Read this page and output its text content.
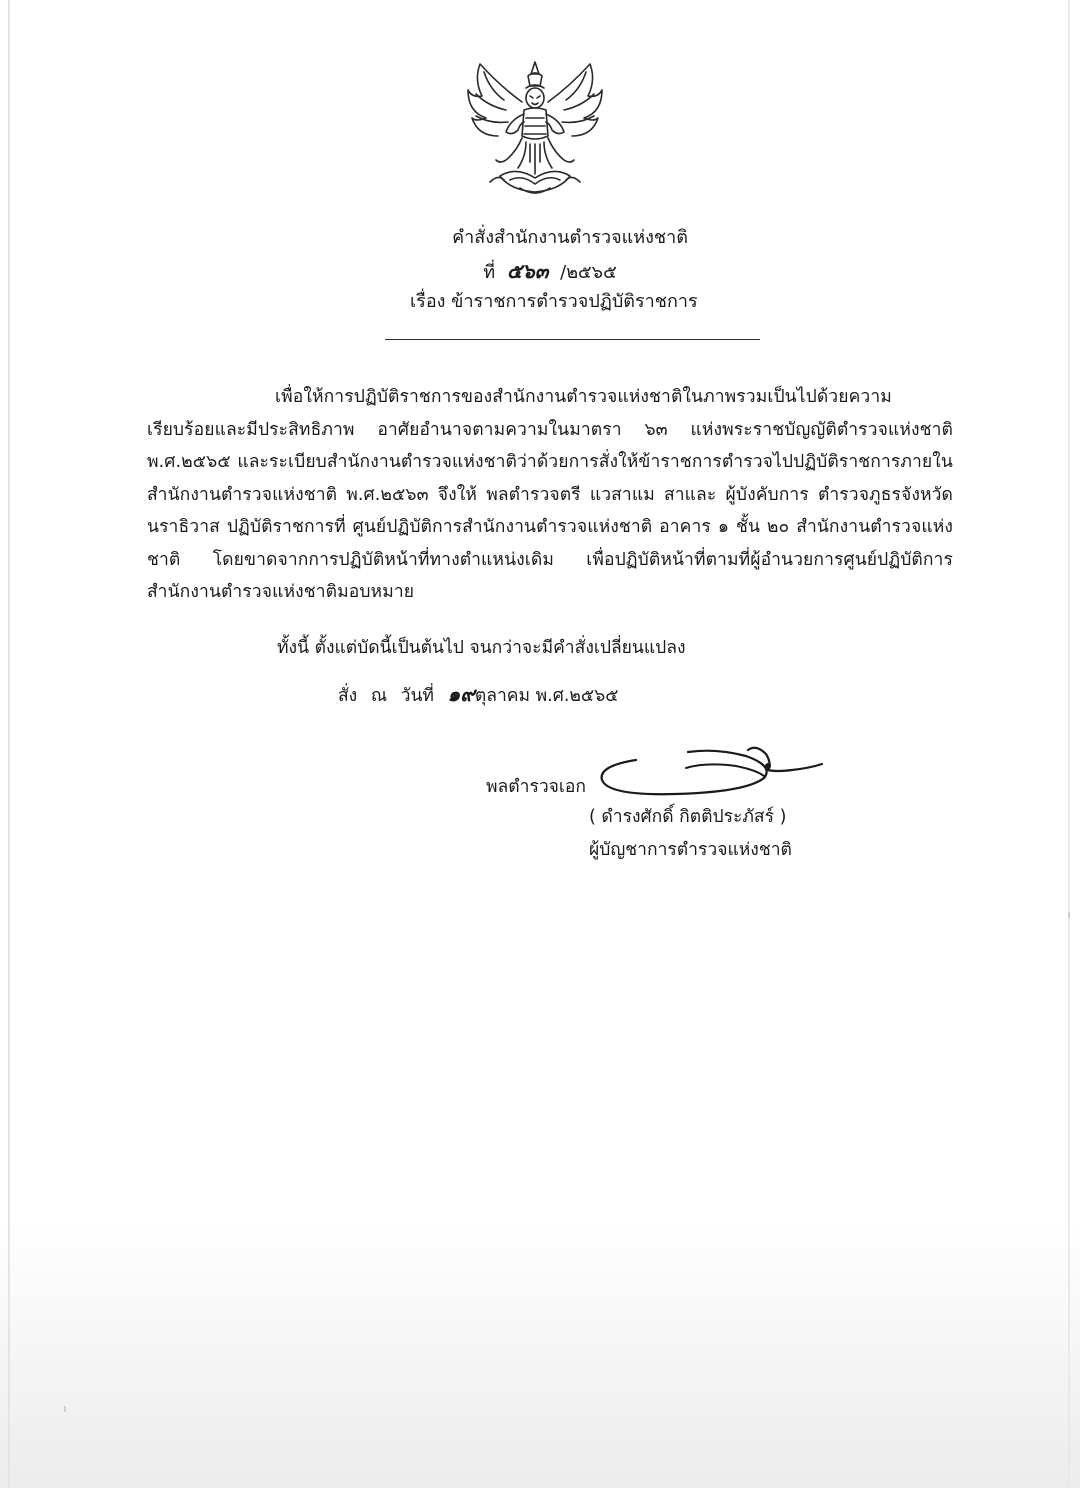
คำสั่งสำนักงานตำรวจแห่งชาติ
ที่ ๕๖๓ /๒๕๖๕
เรื่อง ข้าราชการตำรวจปฏิบัติราชการ
เพื่อให้การปฏิบัติราชการของสำนักงานตำรวจแห่งชาติในภาพรวมเป็นไปด้วยความเรียบร้อยและมีประสิทธิภาพ อาศัยอำนาจตามความในมาตรา ๖๓ แห่งพระราชบัญญัติตำรวจแห่งชาติ พ.ศ.๒๕๖๕ และระเบียบสำนักงานตำรวจแห่งชาติว่าด้วยการสั่งให้ข้าราชการตำรวจไปปฏิบัติราชการภายในสำนักงานตำรวจแห่งชาติ พ.ศ.๒๕๖๓ จึงให้ พลตำรวจตรี แวสาแม สาและ ผู้บังคับการ ตำรวจภูธรจังหวัดนราธิวาส ปฏิบัติราชการที่ ศูนย์ปฏิบัติการสำนักงานตำรวจแห่งชาติ อาคาร ๑ ชั้น ๒๐ สำนักงานตำรวจแห่งชาติ โดยขาดจากการปฏิบัติหน้าที่ทางตำแหน่งเดิม เพื่อปฏิบัติหน้าที่ตามที่ผู้อำนวยการศูนย์ปฏิบัติการสำนักงานตำรวจแห่งชาติมอบหมาย
ทั้งนี้ ตั้งแต่บัดนี้เป็นต้นไป จนกว่าจะมีคำสั่งเปลี่ยนแปลง
สั่ง ณ วันที่ ๑๙ตุลาคม พ.ศ.๒๕๖๕
พลตำรวจเอก
( ดำรงศักดิ์ กิตติประภัสร์ )
ผู้บัญชาการตำรวจแห่งชาติ
